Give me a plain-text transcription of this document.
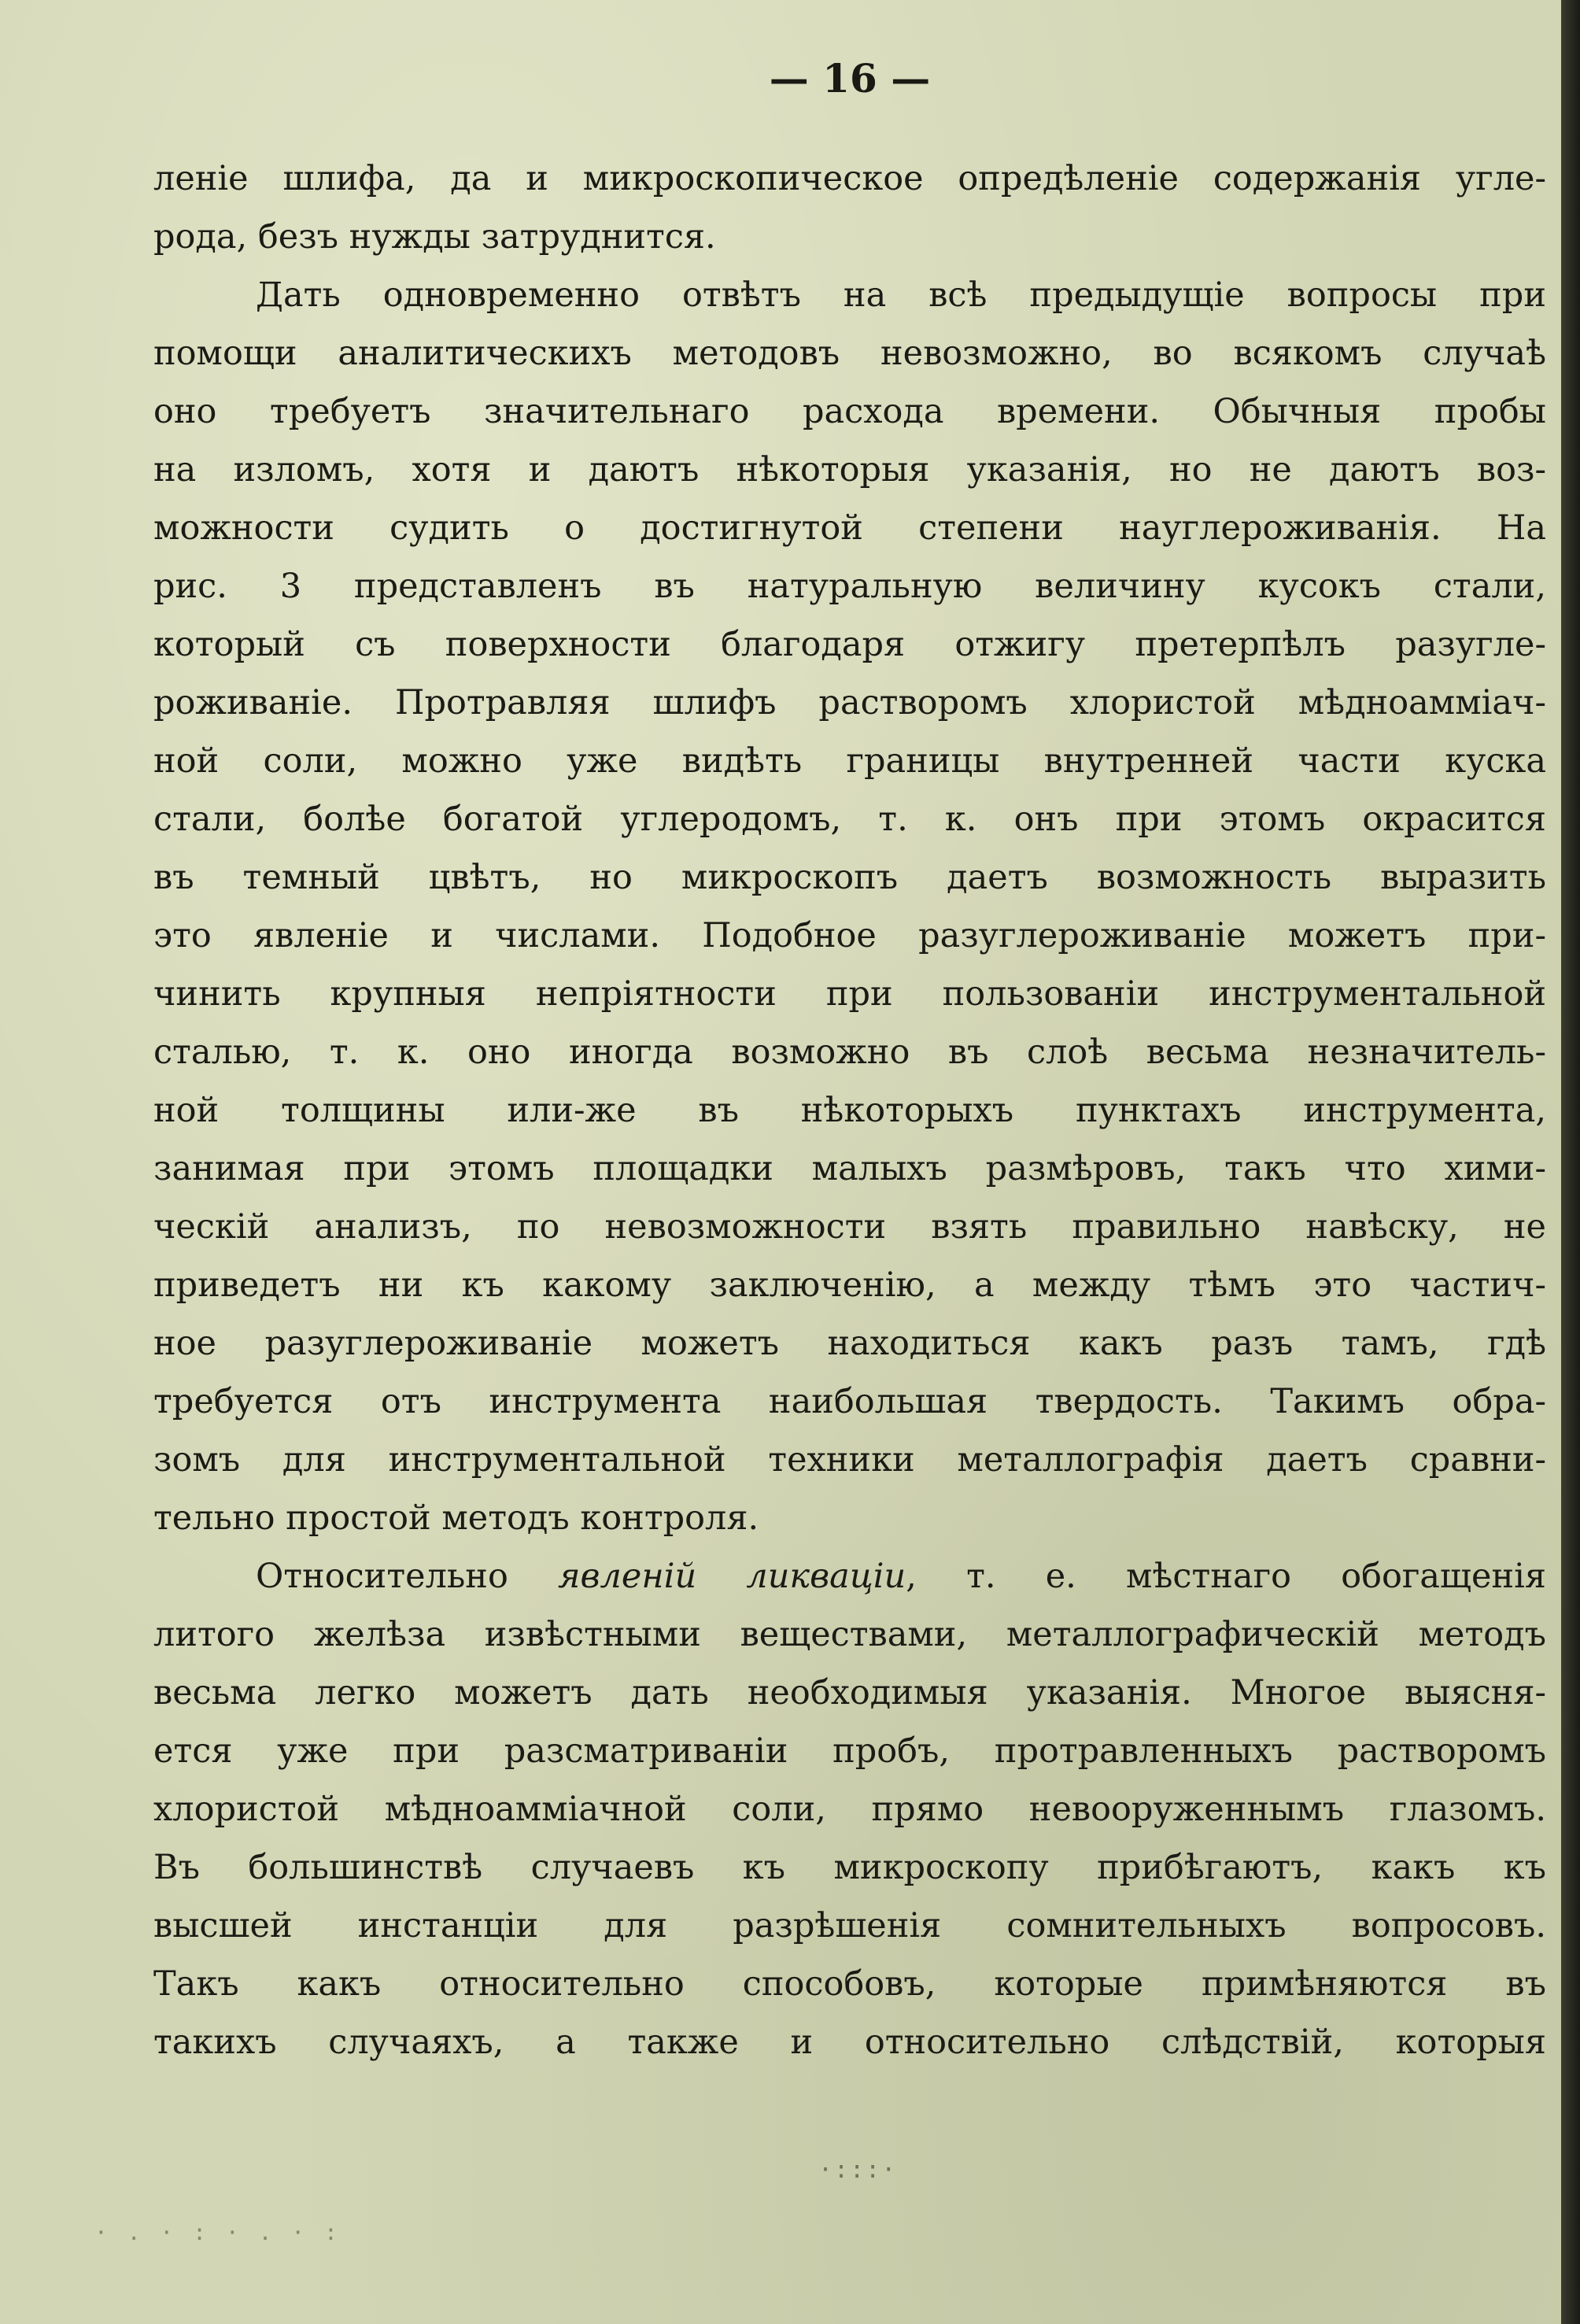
— 16 —
леніе шлифа, да и микроскопическое опредѣленіе содержанія угле-
рода, безъ нужды затруднится.
Дать одновременно отвѣтъ на всѣ предыдущіе вопросы при
помощи аналитическихъ методовъ невозможно, во всякомъ случаѣ
оно требуетъ значительнаго расхода времени. Обычныя пробы
на изломъ, хотя и даютъ нѣкоторыя указанія, но не даютъ воз-
можности судить о достигнутой степени науглероживанія. На
рис. 3 представленъ въ натуральную величину кусокъ стали,
который съ поверхности благодаря отжигу претерпѣлъ разугле-
роживаніе. Протравляя шлифъ растворомъ хлористой мѣдноамміач-
ной соли, можно уже видѣть границы внутренней части куска
стали, болѣе богатой углеродомъ, т. к. онъ при этомъ окрасится
въ темный цвѣтъ, но микроскопъ даетъ возможность выразить
это явленіе и числами. Подобное разуглероживаніе можетъ при-
чинить крупныя непріятности при пользованіи инструментальной
сталью, т. к. оно иногда возможно въ слоѣ весьма незначитель-
ной толщины или-же въ нѣкоторыхъ пунктахъ инструмента,
занимая при этомъ площадки малыхъ размѣровъ, такъ что хими-
ческій анализъ, по невозможности взять правильно навѣску, не
приведетъ ни къ какому заключенію, а между тѣмъ это частич-
ное разуглероживаніе можетъ находиться какъ разъ тамъ, гдѣ
требуется отъ инструмента наибольшая твердость. Такимъ обра-
зомъ для инструментальной техники металлографія даетъ сравни-
тельно простой методъ контроля.
Относительно явленій ликваціи, т. е. мѣстнаго обогащенія
литого желѣза извѣстными веществами, металлографическій методъ
весьма легко можетъ дать необходимыя указанія. Многое выясня-
ется уже при разсматриваніи пробъ, протравленныхъ растворомъ
хлористой мѣдноамміачной соли, прямо невооруженнымъ глазомъ.
Въ большинствѣ случаевъ къ микроскопу прибѣгаютъ, какъ къ
высшей инстанціи для разрѣшенія сомнительныхъ вопросовъ.
Такъ какъ относительно способовъ, которые примѣняются въ
такихъ случаяхъ, а также и относительно слѣдствій, которыя
·:::·
· . · : · . · :
